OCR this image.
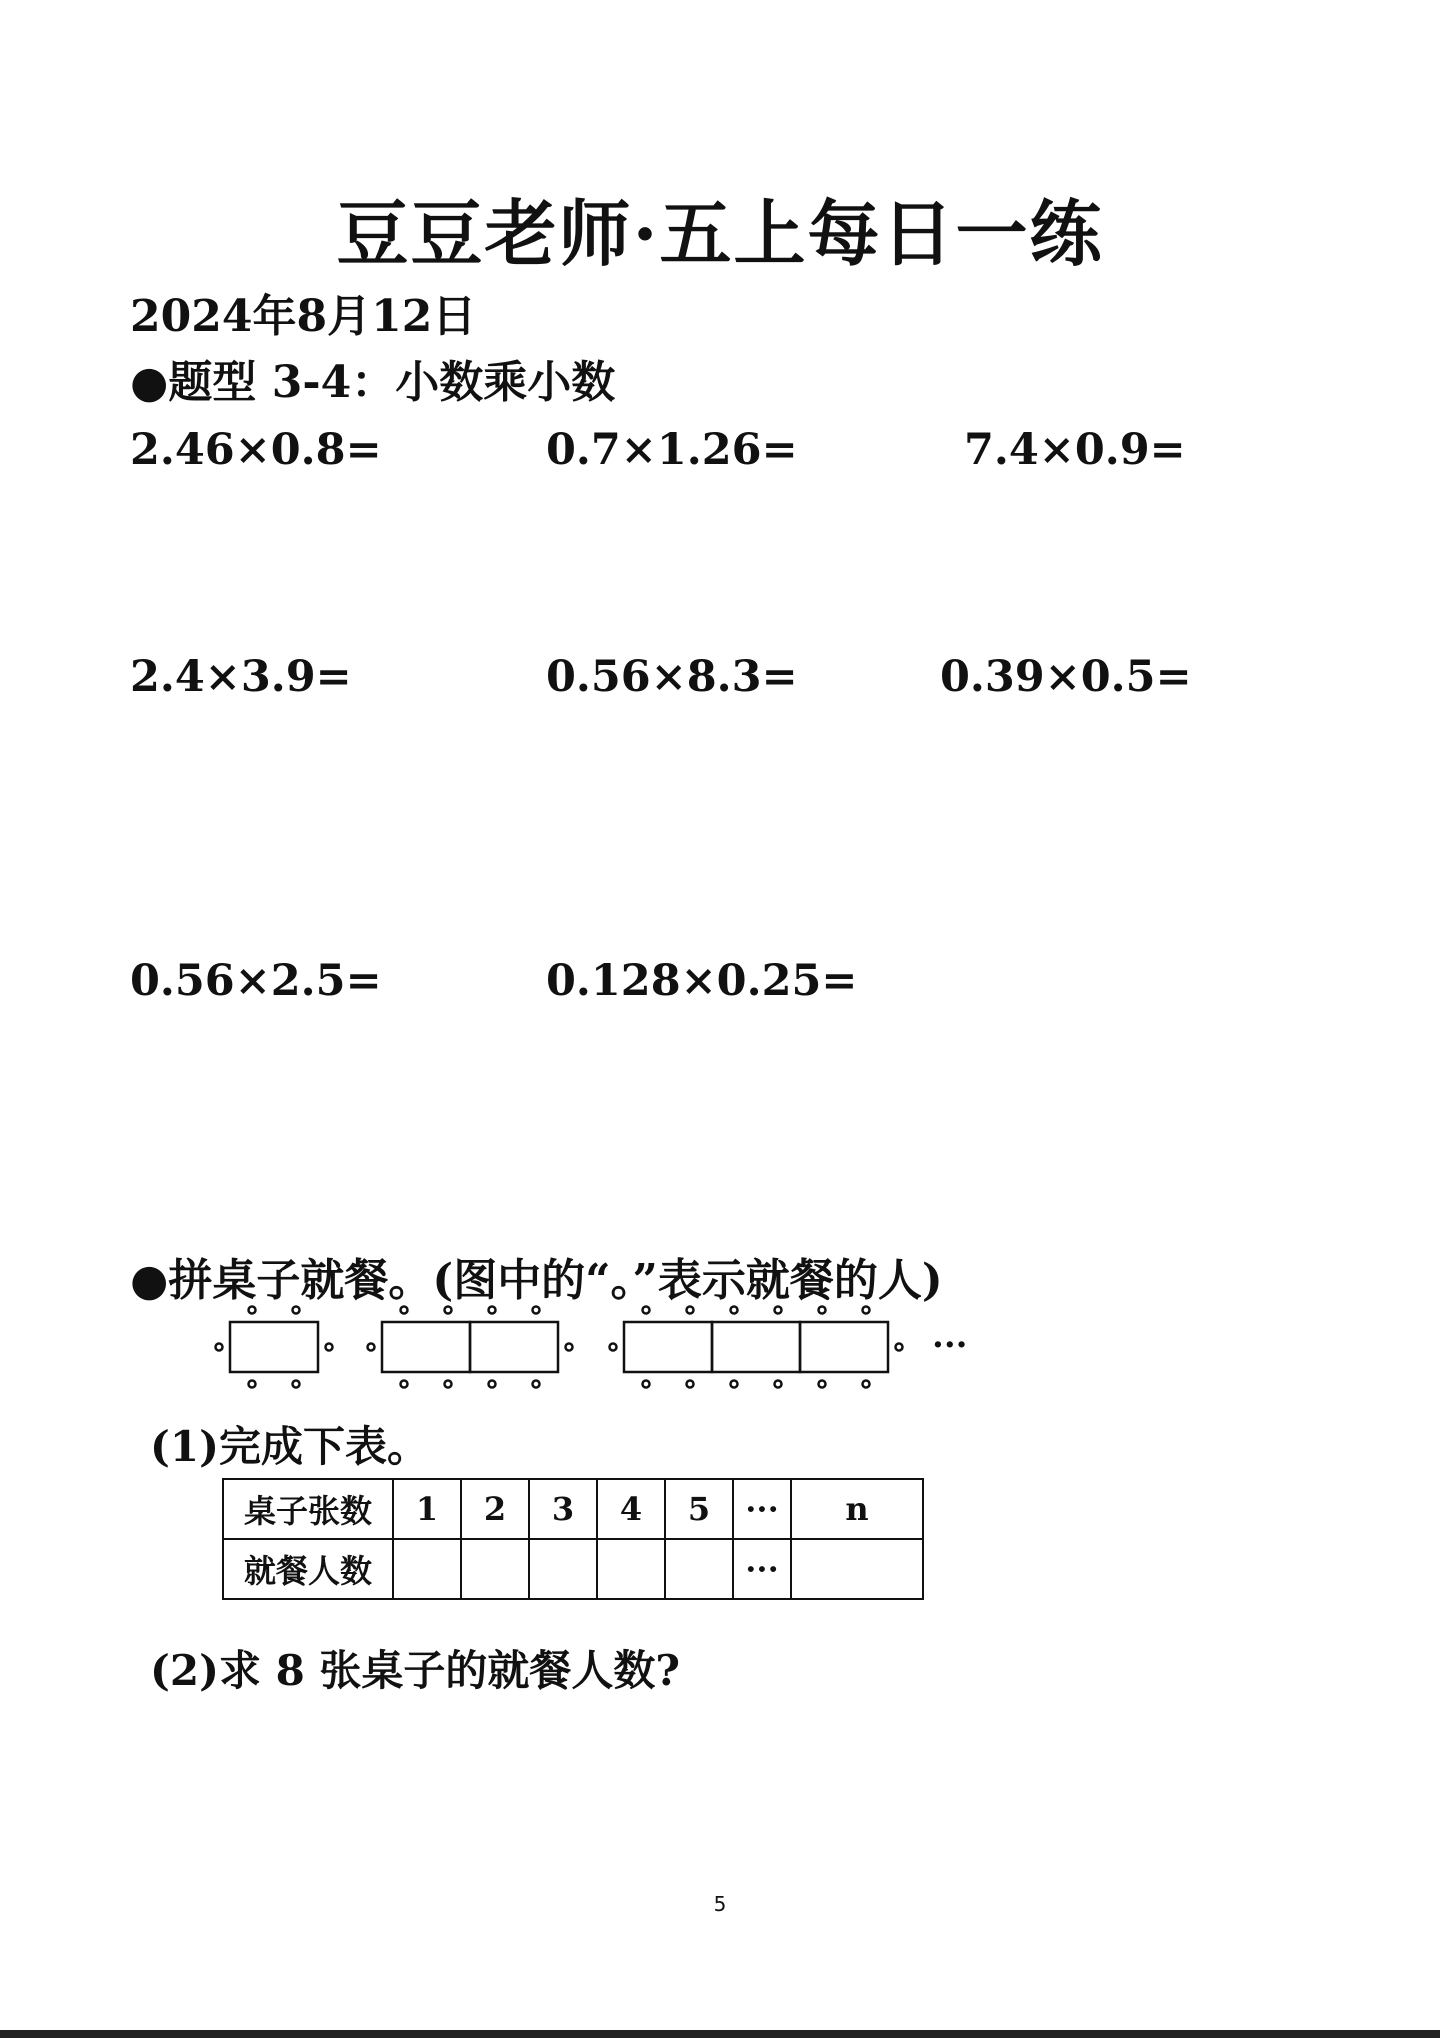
豆豆老师·五上每日一练
2024年8月12日
●题型 3-4：小数乘小数
2.46×0.8=	0.7×1.26=	7.4×0.9=
2.4×3.9=	0.56×8.3=	0.39×0.5=
0.56×2.5=	0.128×0.25=
●拼桌子就餐。(图中的“。”表示就餐的人)
···
(1)完成下表。
桌子张数	1	2	3	4	5	···	n
就餐人数						···	
(2)求 8 张桌子的就餐人数?
5
